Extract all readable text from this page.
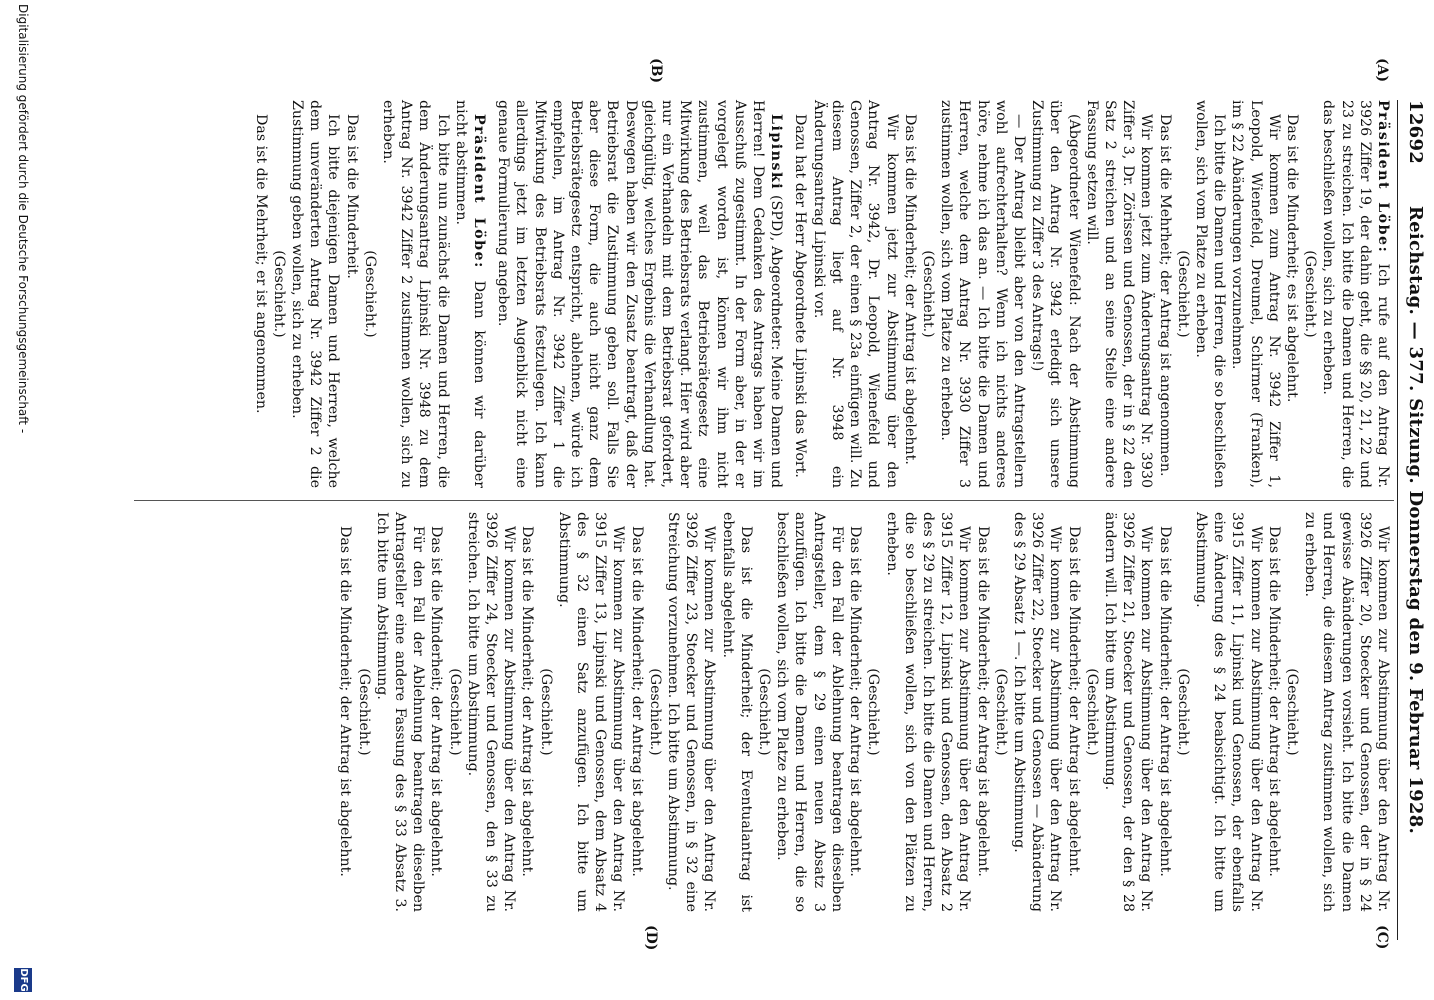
12692
Reichstag. — 377. Sitzung. Donnerstag den 9. Februar 1928.
(A)
(B)
(C)
(D)

Präsident Löbe: Ich rufe auf den Antrag Nr. 3926 Ziffer 19, der dahin geht, die §§ 20, 21, 22 und 23 zu streichen. Ich bitte die Damen und Herren, die das beschließen wollen, sich zu erheben.

(Geschieht.)

Das ist die Minderheit; es ist abgelehnt.

Wir kommen zum Antrag Nr. 3942 Ziffer 1, Leopold, Wienefeld, Dreumel, Schirmer (Franken), im § 22 Abänderungen vorzunehmen.

Ich bitte die Damen und Herren, die so beschließen wollen, sich vom Platze zu erheben.

(Geschieht.)

Das ist die Mehrheit; der Antrag ist angenommen.

Wir kommen jetzt zum Änderungsantrag Nr. 3930 Ziffer 3, Dr. Zörissen und Genossen, der in § 22 den Satz 2 streichen und an seine Stelle eine andere Fassung setzen will.

(Abgeordneter Wienefeld: Nach der Abstimmung über den Antrag Nr. 3942 erledigt sich unsere Zustimmung zu Ziffer 3 des Antrags!)

— Der Antrag bleibt aber von den Antragstellern wohl aufrechterhalten? Wenn ich nichts anderes höre, nehme ich das an. — Ich bitte die Damen und Herren, welche dem Antrag Nr. 3930 Ziffer 3 zustimmen wollen, sich vom Platze zu erheben.

(Geschieht.)

Das ist die Minderheit; der Antrag ist abgelehnt.

Wir kommen jetzt zur Abstimmung über den Antrag Nr. 3942, Dr. Leopold, Wienefeld und Genossen, Ziffer 2, der einen § 23a einfügen will. Zu diesem Antrag liegt auf Nr. 3948 ein Änderungsantrag Lipinski vor.

Dazu hat der Herr Abgeordnete Lipinski das Wort.

Lipinski (SPD), Abgeordneter: Meine Damen und Herren! Dem Gedanken des Antrags haben wir im Ausschuß zugestimmt. In der Form aber, in der er vorgelegt worden ist, können wir ihm nicht zustimmen, weil das Betriebsrätegesetz eine Mitwirkung des Betriebsrats verlangt. Hier wird aber nur ein Verhandeln mit dem Betriebsrat gefordert, gleichgültig, welches Ergebnis die Verhandlung hat. Deswegen haben wir den Zusatz beantragt, daß der Betriebsrat die Zustimmung geben soll. Falls Sie aber diese Form, die auch nicht ganz dem Betriebsrätegesetz entspricht, ablehnen, würde ich empfehlen, im Antrag Nr. 3942 Ziffer 1 die Mitwirkung des Betriebsrats festzulegen. Ich kann allerdings jetzt im letzten Augenblick nicht eine genaue Formulierung angeben.

Präsident Löbe: Dann können wir darüber nicht abstimmen.

Ich bitte nun zunächst die Damen und Herren, die dem Änderungsantrag Lipinski Nr. 3948 zu dem Antrag Nr. 3942 Ziffer 2 zustimmen wollen, sich zu erheben.

(Geschieht.)

Das ist die Minderheit.

Ich bitte diejenigen Damen und Herren, welche dem unveränderten Antrag Nr. 3942 Ziffer 2 die Zustimmung geben wollen, sich zu erheben.

(Geschieht.)

Das ist die Mehrheit; er ist angenommen.

Wir kommen zur Abstimmung über den Antrag Nr. 3926 Ziffer 20, Stoecker und Genossen, der in § 24 gewisse Abänderungen vorsieht. Ich bitte die Damen und Herren, die diesem Antrag zustimmen wollen, sich zu erheben.

(Geschieht.)

Das ist die Minderheit; der Antrag ist abgelehnt.

Wir kommen zur Abstimmung über den Antrag Nr. 3915 Ziffer 11, Lipinski und Genossen, der ebenfalls eine Änderung des § 24 beabsichtigt. Ich bitte um Abstimmung.

(Geschieht.)

Das ist die Minderheit; der Antrag ist abgelehnt.

Wir kommen zur Abstimmung über den Antrag Nr. 3926 Ziffer 21, Stoecker und Genossen, der den § 28 ändern will. Ich bitte um Abstimmung.

(Geschieht.)

Das ist die Minderheit; der Antrag ist abgelehnt.

Wir kommen zur Abstimmung über den Antrag Nr. 3926 Ziffer 22, Stoecker und Genossen — Abänderung des § 29 Absatz 1 —. Ich bitte um Abstimmung.

(Geschieht.)

Das ist die Minderheit; der Antrag ist abgelehnt.

Wir kommen zur Abstimmung über den Antrag Nr. 3915 Ziffer 12, Lipinski und Genossen, den Absatz 2 des § 29 zu streichen. Ich bitte die Damen und Herren, die so beschließen wollen, sich von den Plätzen zu erheben.

(Geschieht.)

Das ist die Minderheit; der Antrag ist abgelehnt.

Für den Fall der Ablehnung beantragen dieselben Antragsteller, dem § 29 einen neuen Absatz 3 anzufügen. Ich bitte die Damen und Herren, die so beschließen wollen, sich vom Platze zu erheben.

(Geschieht.)

Das ist die Minderheit; der Eventualantrag ist ebenfalls abgelehnt.

Wir kommen zur Abstimmung über den Antrag Nr. 3926 Ziffer 23, Stoecker und Genossen, in § 32 eine Streichung vorzunehmen. Ich bitte um Abstimmung.

(Geschieht.)

Das ist die Minderheit; der Antrag ist abgelehnt.

Wir kommen zur Abstimmung über den Antrag Nr. 3915 Ziffer 13, Lipinski und Genossen, dem Absatz 4 des § 32 einen Satz anzufügen. Ich bitte um Abstimmung.

(Geschieht.)

Das ist die Minderheit; der Antrag ist abgelehnt.

Wir kommen zur Abstimmung über den Antrag Nr. 3926 Ziffer 24, Stoecker und Genossen, den § 33 zu streichen. Ich bitte um Abstimmung.

(Geschieht.)

Das ist die Minderheit; der Antrag ist abgelehnt.

Für den Fall der Ablehnung beantragen dieselben Antragsteller eine andere Fassung des § 33 Absatz 3. Ich bitte um Abstimmung.

(Geschieht.)

Das ist die Minderheit; der Antrag ist abgelehnt.

Digitalisierung gefördert durch die Deutsche Forschungsgemeinschaft -
DFG
